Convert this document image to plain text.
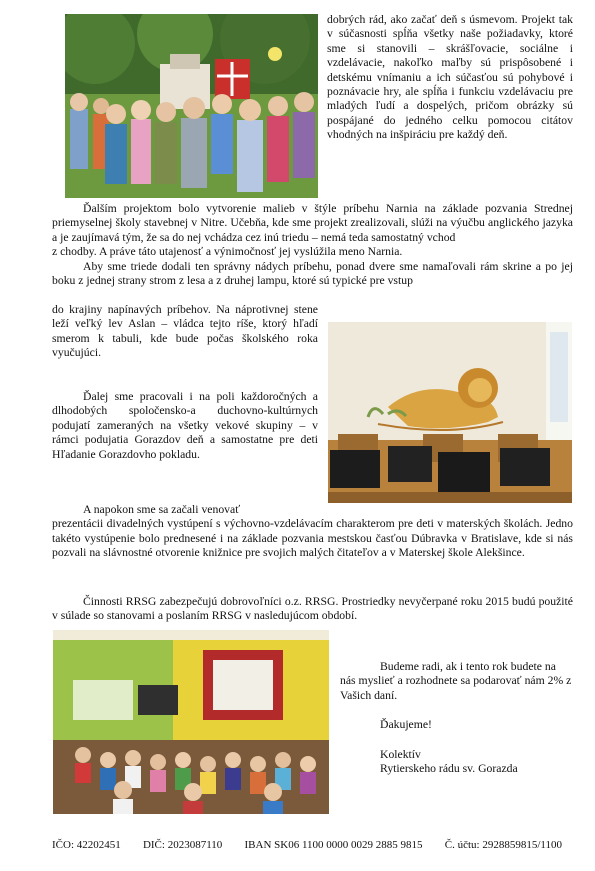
dobrých rád, ako začať deň s úsmevom. Projekt tak v súčasnosti spĺňa všetky naše požiadavky, ktoré sme si stanovili – skrášľovacie, sociálne i vzdelávacie, nakoľko maľby sú prispôsobené i detskému vnímaniu a ich súčasťou sú pohybové i poznávacie hry, ale spĺňa i funkciu vzdelávaciu pre mladých ľudí a dospelých, pričom obrázky sú pospájané do jedného celku pomocou citátov vhodných na inšpiráciu pre každý deň.

Ďalším projektom bolo vytvorenie malieb v štýle príbehu Narnia na základe pozvania Strednej priemyselnej školy stavebnej v Nitre. Učebňa, kde sme projekt zrealizovali, slúži na výučbu anglického jazyka a je zaujímavá tým, že sa do nej vchádza cez inú triedu – nemá teda samostatný vchod

z chodby. A práve táto utajenosť a výnimočnosť jej vyslúžila meno Narnia.

Aby sme triede dodali ten správny nádych príbehu, ponad dvere sme namaľovali rám skrine a po jej boku z jednej strany strom z lesa a z druhej lampu, ktoré sú typické pre vstup

do krajiny napínavých príbehov. Na náprotivnej stene leží veľký lev Aslan – vládca tejto ríše, ktorý hľadí smerom k tabuli, kde bude počas školského roka vyučujúci.

Ďalej sme pracovali i na poli každoročných a dlhodobých spoločensko-a duchovno-kultúrnych podujatí zameraných na všetky vekové skupiny – v rámci podujatia Gorazdov deň a samostatne pre deti Hľadanie Gorazdovho pokladu.

A napokon sme sa začali venovať

prezentácii divadelných vystúpení s výchovno-vzdelávacím charakterom pre deti v materských školách. Jedno takéto vystúpenie bolo prednesené i na základe pozvania mestskou časťou Dúbravka v Bratislave, kde si nás pozvali na slávnostné otvorenie knižnice pre svojich malých čitateľov a v Materskej škole Alekšince.

Činnosti RRSG zabezpečujú dobrovoľníci o.z. RRSG. Prostriedky nevyčerpané roku 2015 budú použité v súlade so stanovami a poslaním RRSG v nasledujúcom období.

Budeme radi, ak i tento rok budete na nás myslieť a rozhodnete sa podarovať nám 2% z Vašich daní.

Ďakujeme!

Kolektív

Rytierskeho rádu sv. Gorazda

IČO: 42202451 DIČ: 2023087110 IBAN SK06 1100 0000 0029 2885 9815 Č. účtu: 2928859815/1100
